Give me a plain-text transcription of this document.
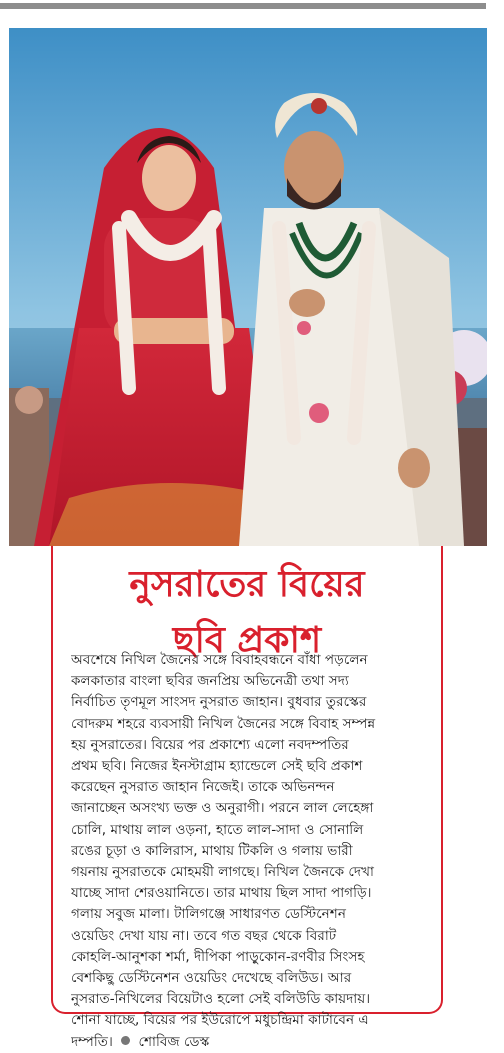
নুসরাতের বিয়ের
ছবি প্রকাশ
অবশেষে নিখিল জৈনের সঙ্গে বিবাহবন্ধনে বাঁধা পড়লেন
কলকাতার বাংলা ছবির জনপ্রিয় অভিনেত্রী তথা সদ্য
নির্বাচিত তৃণমূল সাংসদ নুসরাত জাহান। বুধবার তুরস্কের
বোদরুম শহরে ব্যবসায়ী নিখিল জৈনের সঙ্গে বিবাহ সম্পন্ন
হয় নুসরাতের। বিয়ের পর প্রকাশ্যে এলো নবদম্পতির
প্রথম ছবি। নিজের ইনস্টাগ্রাম হ্যান্ডেলে সেই ছবি প্রকাশ
করেছেন নুসরাত জাহান নিজেই। তাকে অভিনন্দন
জানাচ্ছেন অসংখ্য ভক্ত ও অনুরাগী। পরনে লাল লেহেঙ্গা
চোলি, মাথায় লাল ওড়না, হাতে লাল-সাদা ও সোনালি
রঙের চূড়া ও কালিরাস, মাথায় টিকলি ও গলায় ভারী
গয়নায় নুসরাতকে মোহময়ী লাগছে। নিখিল জৈনকে দেখা
যাচ্ছে সাদা শেরওয়ানিতে। তার মাথায় ছিল সাদা পাগড়ি।
গলায় সবুজ মালা। টালিগঞ্জে সাধারণত ডেস্টিনেশন
ওয়েডিং দেখা যায় না। তবে গত বছর থেকে বিরাট
কোহলি-আনুশকা শর্মা, দীপিকা পাড়ুকোন-রণবীর সিংসহ
বেশকিছু ডেস্টিনেশন ওয়েডিং দেখেছে বলিউড। আর
নুসরাত-নিখিলের বিয়েটাও হলো সেই বলিউডি কায়দায়।
শোনা যাচ্ছে, বিয়ের পর ইউরোপে মধুচন্দ্রিমা কাটাবেন এ
দম্পতি। শোবিজ ডেস্ক
